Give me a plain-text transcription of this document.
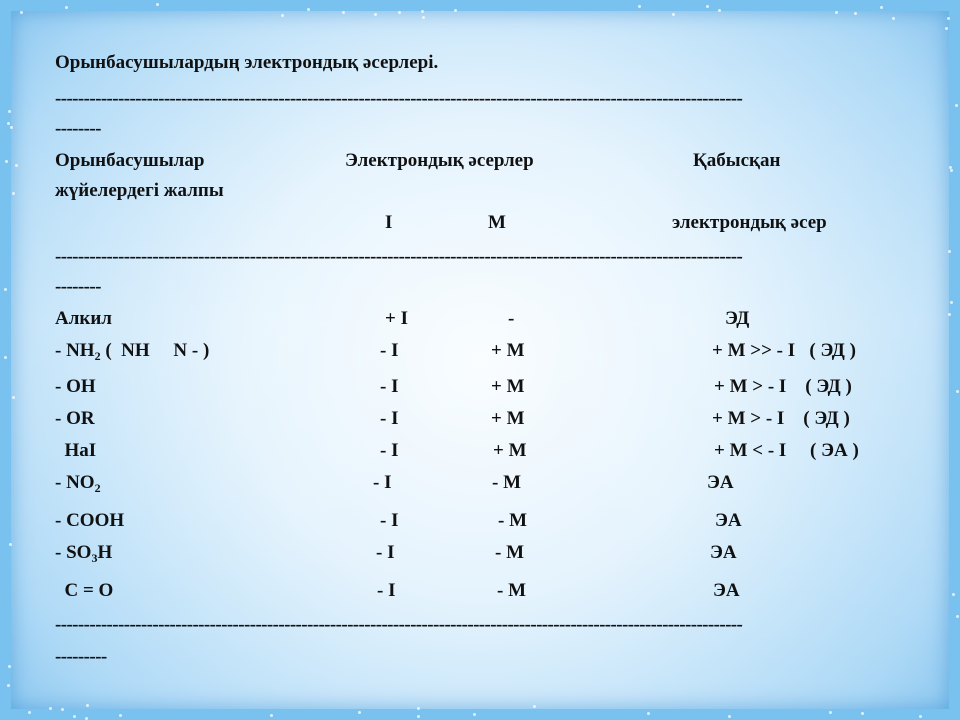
Орынбасушылардың электрондық әсерлері.
------------------------------------------------------------------------------------------------------------------------
--------
Орынбасушылар	Электрондық әсерлер	Қабысқан
жүйелердегі жалпы
I	M	электрондық әсер
------------------------------------------------------------------------------------------------------------------------
--------
Алкил	+ I	-	ЭД
- $NH_2$ (  NH     N - )	- I	+ M	+ M >> - I   ( ЭД )
- OH	- I	+ M	+ M > - I    ( ЭД )
- OR	- I	+ M	+ M > - I    ( ЭД )
HaI	- I	+ M	+ M < - I     ( ЭА )
- $NO_2$	- I	- M	ЭА
- COOH	- I	- M	ЭА
- $SO_3H$	- I	- M	ЭА
C = O	- I	- M	ЭА
------------------------------------------------------------------------------------------------------------------------
---------
